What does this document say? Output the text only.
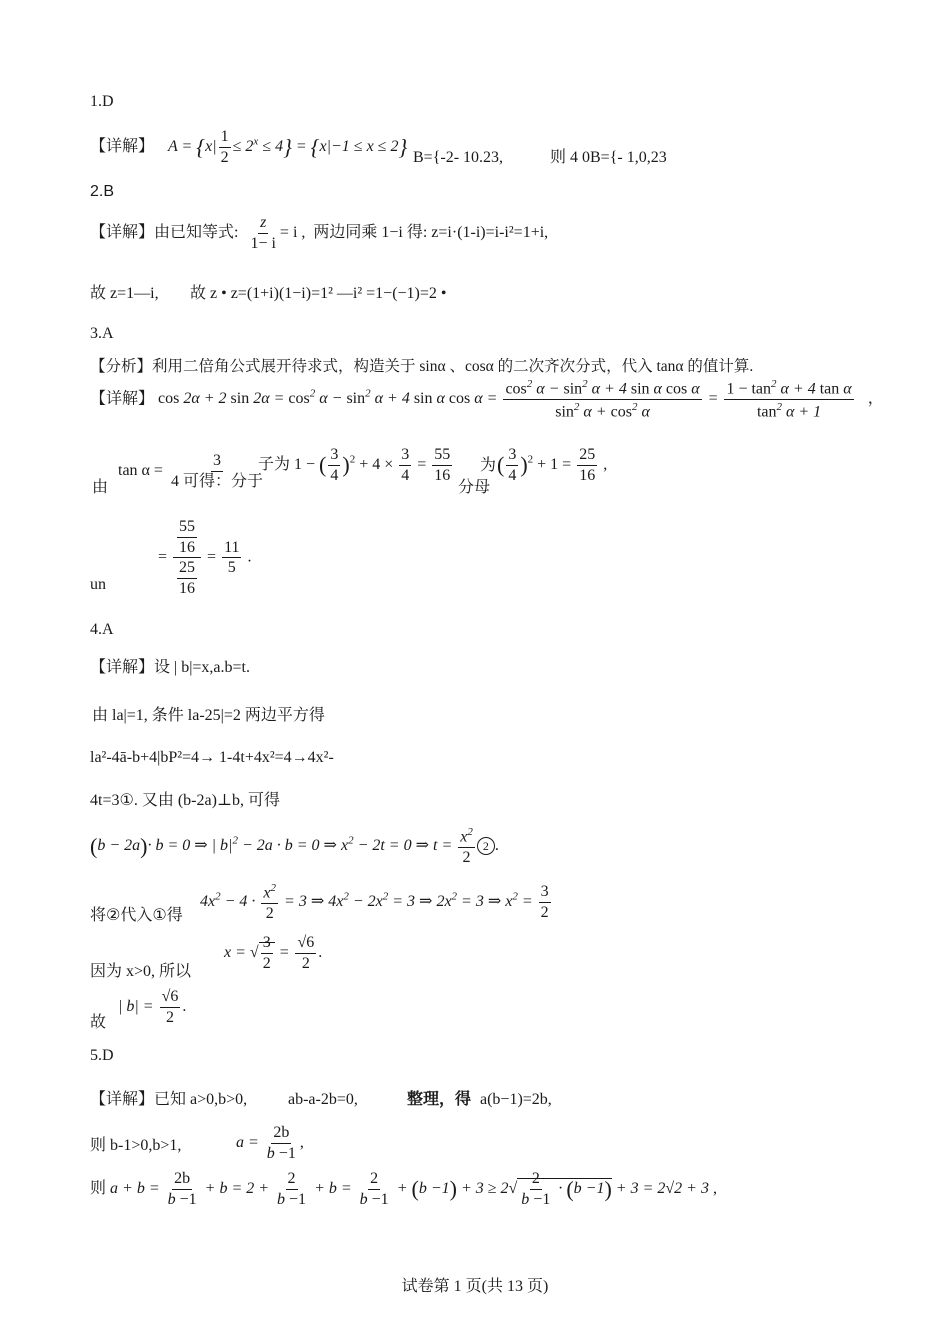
1.D
【详解】 $A = \{x| \frac{1}{2} \le 2^x \le 4\} = \{x|-1 \le x \le 2\}$ B={-2- 10.23,	则 4 0B={- 1,0,23
2.B
【详解】由已知等式: $\frac{z}{1- i} = i$ , 两边同乘 1−i 得: z=i·(1-i)=i-i²=1+i,
故 z=1—i, 故 z • z=(1+i)(1−i)=1² —i² =1−(−1)=2 •
3.A
【分析】利用二倍角公式展开待求式，构造关于 sinα 、cosα 的二次齐次分式，代入 tanα 的值计算.
【详解】 cos 2α + 2 $\sin 2\alpha = \cos^2 \alpha - \sin^2 \alpha + 4$ sin α $\cos \alpha = \frac{\cos^2 \alpha - \sin^2 \alpha + 4 \sin \alpha \cos \alpha}{\sin^2 \alpha + \cos^2 \alpha} = \frac{1 - \tan^2 \alpha + 4 \tan \alpha}{\tan^2 \alpha + 1}$ ，
由
tan α =
3
4 可得：分于
子为 1 − ( $\frac{3}{4} )^2 + 4 \times \frac{3}{4} = \frac{55}{16}$ 为
分母
( $\frac{3}{4} )^2 + 1 = \frac{25}{16}$ ,
un
= $\frac{\frac{55}{16}}{\frac{25}{16}} = \frac{11}{5}$ .
4.A
【详解】设 | b|=x,a.b=t.
由 la|=1, 条件 la-25|=2 两边平方得
la²-4ā-b+4|bP²=4→ 1-4t+4x²=4→4x²-
4t=3①. 又由 (b-2a)⊥b, 可得
(b − 2a)· b = 0 ⇒ | $b|^2 - 2a \cdot b = 0$ ⇒ $x^2 - 2t = 0$ ⇒ $t = \frac{x^2}{2} 2$ .
将②代入①得
$4x^2 - 4 \cdot \frac{x^2}{2} = 3$ ⇒ $4x^2 - 2x^2 = 3$ ⇒ $2x^2 = 3$ ⇒ $x^2 = \frac{3}{2}$
因为 x>0, 所以
x = √ $\frac{3}{2} = \frac{√6}{2}$ .
故
| $b| = \frac{√6}{2}$ .
5.D
【详解】已知 a>0,b>0,	ab-a-2b=0,	整理，得 a(b−1)=2b,
则 b-1>0,b>1,	$a = \frac{2b}{b -1}$ ,
则 $a + b = \frac{2b}{b -1} + b = 2 + \frac{2}{b -1} + b = \frac{2}{b -1} + (b -1) + 3 \ge 2√ \frac{2}{b -1} \cdot (b -1) + 3 = 2√2 + 3$ ,
试卷第 1 页(共 13 页)
